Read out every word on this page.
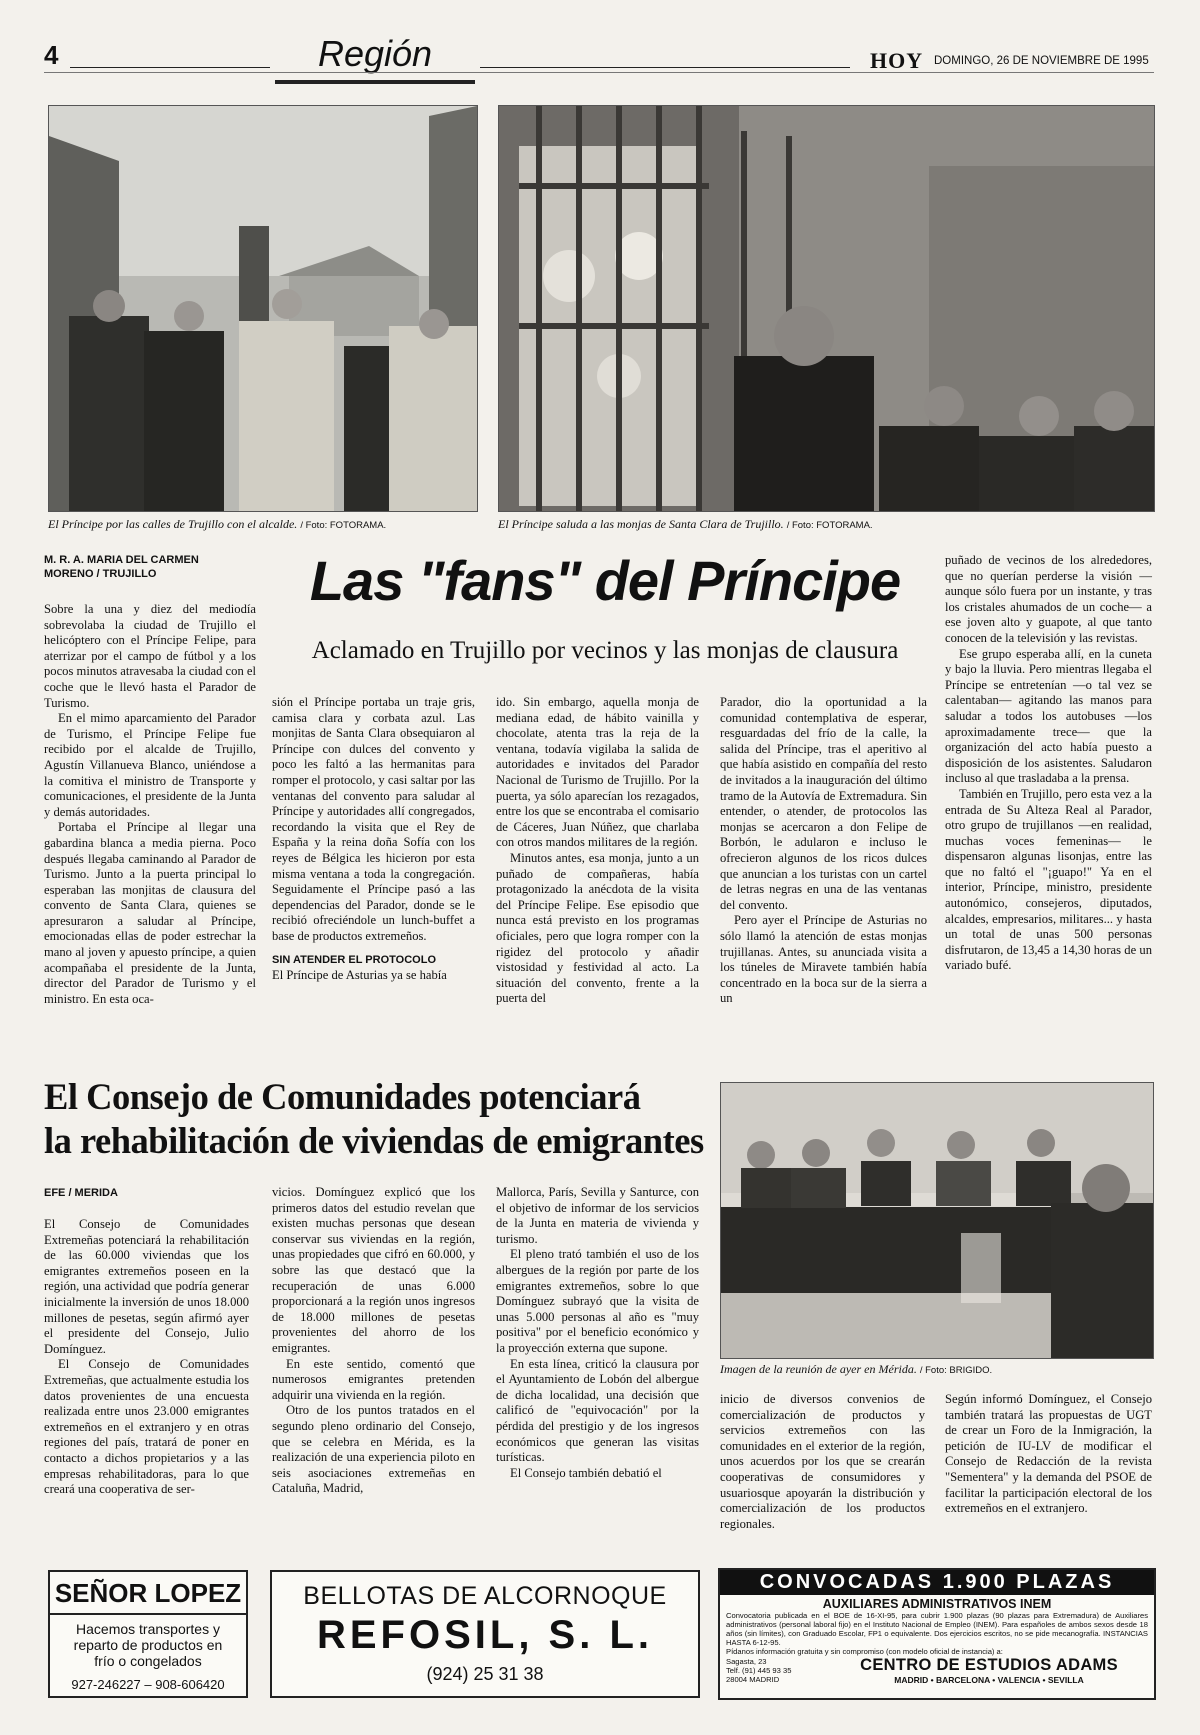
4	Región	HOY DOMINGO, 26 DE NOVIEMBRE DE 1995
El Príncipe por las calles de Trujillo con el alcalde. / Foto: FOTORAMA.	El Príncipe saluda a las monjas de Santa Clara de Trujillo. / Foto: FOTORAMA.
M. R. A. MARIA DEL CARMEN
MORENO / TRUJILLO	Las "fans" del Príncipe
Aclamado en Trujillo por vecinos y las monjas de clausura

Sobre la una y diez del mediodía sobrevolaba la ciudad de Trujillo el helicóptero con el Príncipe Felipe, para aterrizar por el campo de fútbol y a los pocos minutos atravesaba la ciudad con el coche que le llevó hasta el Parador de Turismo.

En el mimo aparcamiento del Parador de Turismo, el Príncipe Felipe fue recibido por el alcalde de Trujillo, Agustín Villanueva Blanco, uniéndose a la comitiva el ministro de Transporte y comunicaciones, el presidente de la Junta y demás autoridades.

Portaba el Príncipe al llegar una gabardina blanca a media pierna. Poco después llegaba caminando al Parador de Turismo. Junto a la puerta principal lo esperaban las monjitas de clausura del convento de Santa Clara, quienes se apresuraron a saludar al Príncipe, emocionadas ellas de poder estrechar la mano al joven y apuesto príncipe, a quien acompañaba el presidente de la Junta, director del Parador de Turismo y el ministro. En esta oca-

sión el Príncipe portaba un traje gris, camisa clara y corbata azul. Las monjitas de Santa Clara obsequiaron al Príncipe con dulces del convento y poco les faltó a las hermanitas para romper el protocolo, y casi saltar por las ventanas del convento para saludar al Príncipe y autoridades allí congregados, recordando la visita que el Rey de España y la reina doña Sofía con los reyes de Bélgica les hicieron por esta misma ventana a toda la congregación. Seguidamente el Príncipe pasó a las dependencias del Parador, donde se le recibió ofreciéndole un lunch-buffet a base de productos extremeños.

SIN ATENDER EL PROTOCOLO

El Príncipe de Asturias ya se había

ido. Sin embargo, aquella monja de mediana edad, de hábito vainilla y chocolate, atenta tras la reja de la ventana, todavía vigilaba la salida de autoridades e invitados del Parador Nacional de Turismo de Trujillo. Por la puerta, ya sólo aparecían los rezagados, entre los que se encontraba el comisario de Cáceres, Juan Núñez, que charlaba con otros mandos militares de la región.

Minutos antes, esa monja, junto a un puñado de compañeras, había protagonizado la anécdota de la visita del Príncipe Felipe. Ese episodio que nunca está previsto en los programas oficiales, pero que logra romper con la rigidez del protocolo y añadir vistosidad y festividad al acto. La situación del convento, frente a la puerta del

Parador, dio la oportunidad a la comunidad contemplativa de esperar, resguardadas del frío de la calle, la salida del Príncipe, tras el aperitivo al que había asistido en compañía del resto de invitados a la inauguración del último tramo de la Autovía de Extremadura. Sin entender, o atender, de protocolos las monjas se acercaron a don Felipe de Borbón, le adularon e incluso le ofrecieron algunos de los ricos dulces que anuncian a los turistas con un cartel de letras negras en una de las ventanas del convento.

Pero ayer el Príncipe de Asturias no sólo llamó la atención de estas monjas trujillanas. Antes, su anunciada visita a los túneles de Miravete también había concentrado en la boca sur de la sierra a un

puñado de vecinos de los alrededores, que no querían perderse la visión —aunque sólo fuera por un instante, y tras los cristales ahumados de un coche— a ese joven alto y guapote, al que tanto conocen de la televisión y las revistas.

Ese grupo esperaba allí, en la cuneta y bajo la lluvia. Pero mientras llegaba el Príncipe se entretenían —o tal vez se calentaban— agitando las manos para saludar a todos los autobuses —los aproximadamente trece— que la organización del acto había puesto a disposición de los asistentes. Saludaron incluso al que trasladaba a la prensa.

También en Trujillo, pero esta vez a la entrada de Su Alteza Real al Parador, otro grupo de trujillanos —en realidad, muchas voces femeninas— le dispensaron algunas lisonjas, entre las que no faltó el "¡guapo!" Ya en el interior, Príncipe, ministro, presidente autonómico, consejeros, diputados, alcaldes, empresarios, militares... y hasta un total de unas 500 personas disfrutaron, de 13,45 a 14,30 horas de un variado bufé.

El Consejo de Comunidades potenciará
la rehabilitación de viviendas de emigrantes
Imagen de la reunión de ayer en Mérida. / Foto: BRIGIDO.
EFE / MERIDA

El Consejo de Comunidades Extremeñas potenciará la rehabilitación de las 60.000 viviendas que los emigrantes extremeños poseen en la región, una actividad que podría generar inicialmente la inversión de unos 18.000 millones de pesetas, según afirmó ayer el presidente del Consejo, Julio Domínguez.

El Consejo de Comunidades Extremeñas, que actualmente estudia los datos provenientes de una encuesta realizada entre unos 23.000 emigrantes extremeños en el extranjero y en otras regiones del país, tratará de poner en contacto a dichos propietarios y a las empresas rehabilitadoras, para lo que creará una cooperativa de ser-

vicios. Domínguez explicó que los primeros datos del estudio revelan que existen muchas personas que desean conservar sus viviendas en la región, unas propiedades que cifró en 60.000, y sobre las que destacó que la recuperación de unas 6.000 proporcionará a la región unos ingresos de 18.000 millones de pesetas provenientes del ahorro de los emigrantes.

En este sentido, comentó que numerosos emigrantes pretenden adquirir una vivienda en la región.

Otro de los puntos tratados en el segundo pleno ordinario del Consejo, que se celebra en Mérida, es la realización de una experiencia piloto en seis asociaciones extremeñas en Cataluña, Madrid,

Mallorca, París, Sevilla y Santurce, con el objetivo de informar de los servicios de la Junta en materia de vivienda y turismo.

El pleno trató también el uso de los albergues de la región por parte de los emigrantes extremeños, sobre lo que Domínguez subrayó que la visita de unas 5.000 personas al año es "muy positiva" por el beneficio económico y la proyección externa que supone.

En esta línea, criticó la clausura por el Ayuntamiento de Lobón del albergue de dicha localidad, una decisión que calificó de "equivocación" por la pérdida del prestigio y de los ingresos económicos que generan las visitas turísticas.

El Consejo también debatió el

inicio de diversos convenios de comercialización de productos y servicios extremeños con las comunidades en el exterior de la región, unos acuerdos por los que se crearán cooperativas de consumidores y usuariosque apoyarán la distribución y comercialización de los productos regionales.

Según informó Domínguez, el Consejo también tratará las propuestas de UGT de crear un Foro de la Inmigración, la petición de IU-LV de modificar el Consejo de Redacción de la revista "Sementera" y la demanda del PSOE de facilitar la participación electoral de los extremeños en el extranjero.

SEÑOR LOPEZ
Hacemos transportes y
reparto de productos en
frío o congelados
927-246227 – 908-606420
BELLOTAS DE ALCORNOQUE
REFOSIL, S. L.
(924) 25 31 38
CONVOCADAS 1.900 PLAZAS
AUXILIARES ADMINISTRATIVOS INEM
Convocatoria publicada en el BOE de 16-XI-95, para cubrir 1.900 plazas (90 plazas para Extremadura) de Auxiliares administrativos (personal laboral fijo) en el Instituto Nacional de Empleo (INEM). Para españoles de ambos sexos desde 18 años (sin límites), con Graduado Escolar, FP1 o equivalente. Dos ejercicios escritos, no se pide mecanografía. INSTANCIAS HASTA 6-12-95.
Pídanos información gratuita y sin compromiso (con modelo oficial de instancia) a:
Sagasta, 23
Telf. (91) 445 93 35
28004 MADRID
CENTRO DE ESTUDIOS ADAMS
MADRID • BARCELONA • VALENCIA • SEVILLA
